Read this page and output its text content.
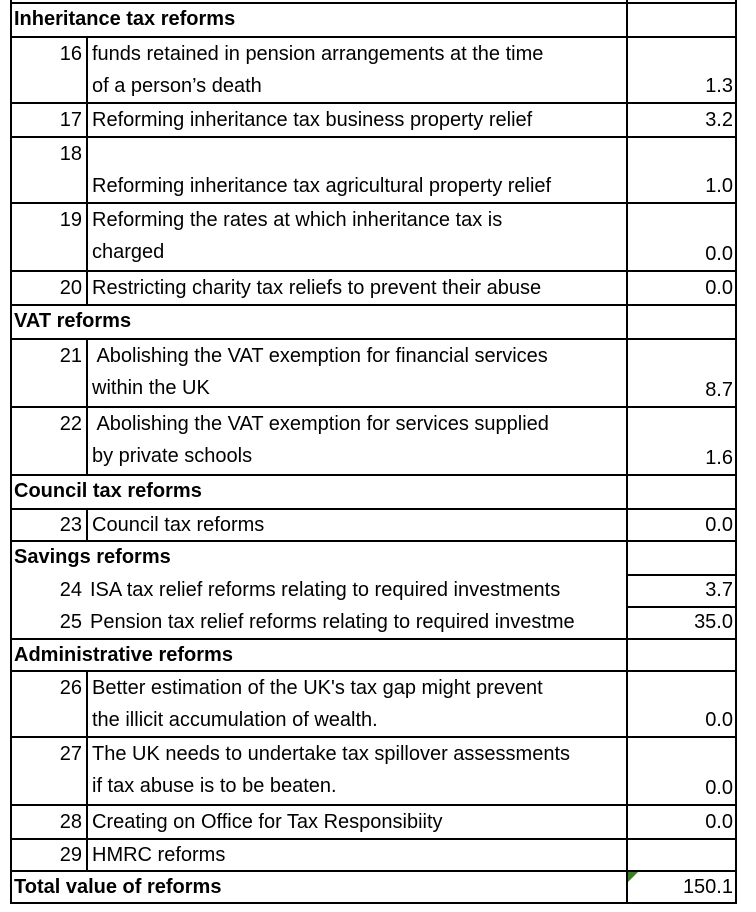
Inheritance tax reforms
16 funds retained in pension arrangements at the time
of a person’s death	1.3
17 Reforming inheritance tax business property relief	3.2
18
Reforming inheritance tax agricultural property relief	1.0
19 Reforming the rates at which inheritance tax is
charged	0.0
20 Restricting charity tax reliefs to prevent their abuse	0.0
VAT reforms
21 Abolishing the VAT exemption for financial services
within the UK	8.7
22 Abolishing the VAT exemption for services supplied
by private schools	1.6
Council tax reforms
23 Council tax reforms	0.0
Savings reforms
24 ISA tax relief reforms relating to required investments	3.7
25 Pension tax relief reforms relating to required investme	35.0
Administrative reforms
26 Better estimation of the UK's tax gap might prevent
the illicit accumulation of wealth.	0.0
27 The UK needs to undertake tax spillover assessments
if tax abuse is to be beaten.	0.0
28 Creating on Office for Tax Responsibiity	0.0
29 HMRC reforms
Total value of reforms	150.1
